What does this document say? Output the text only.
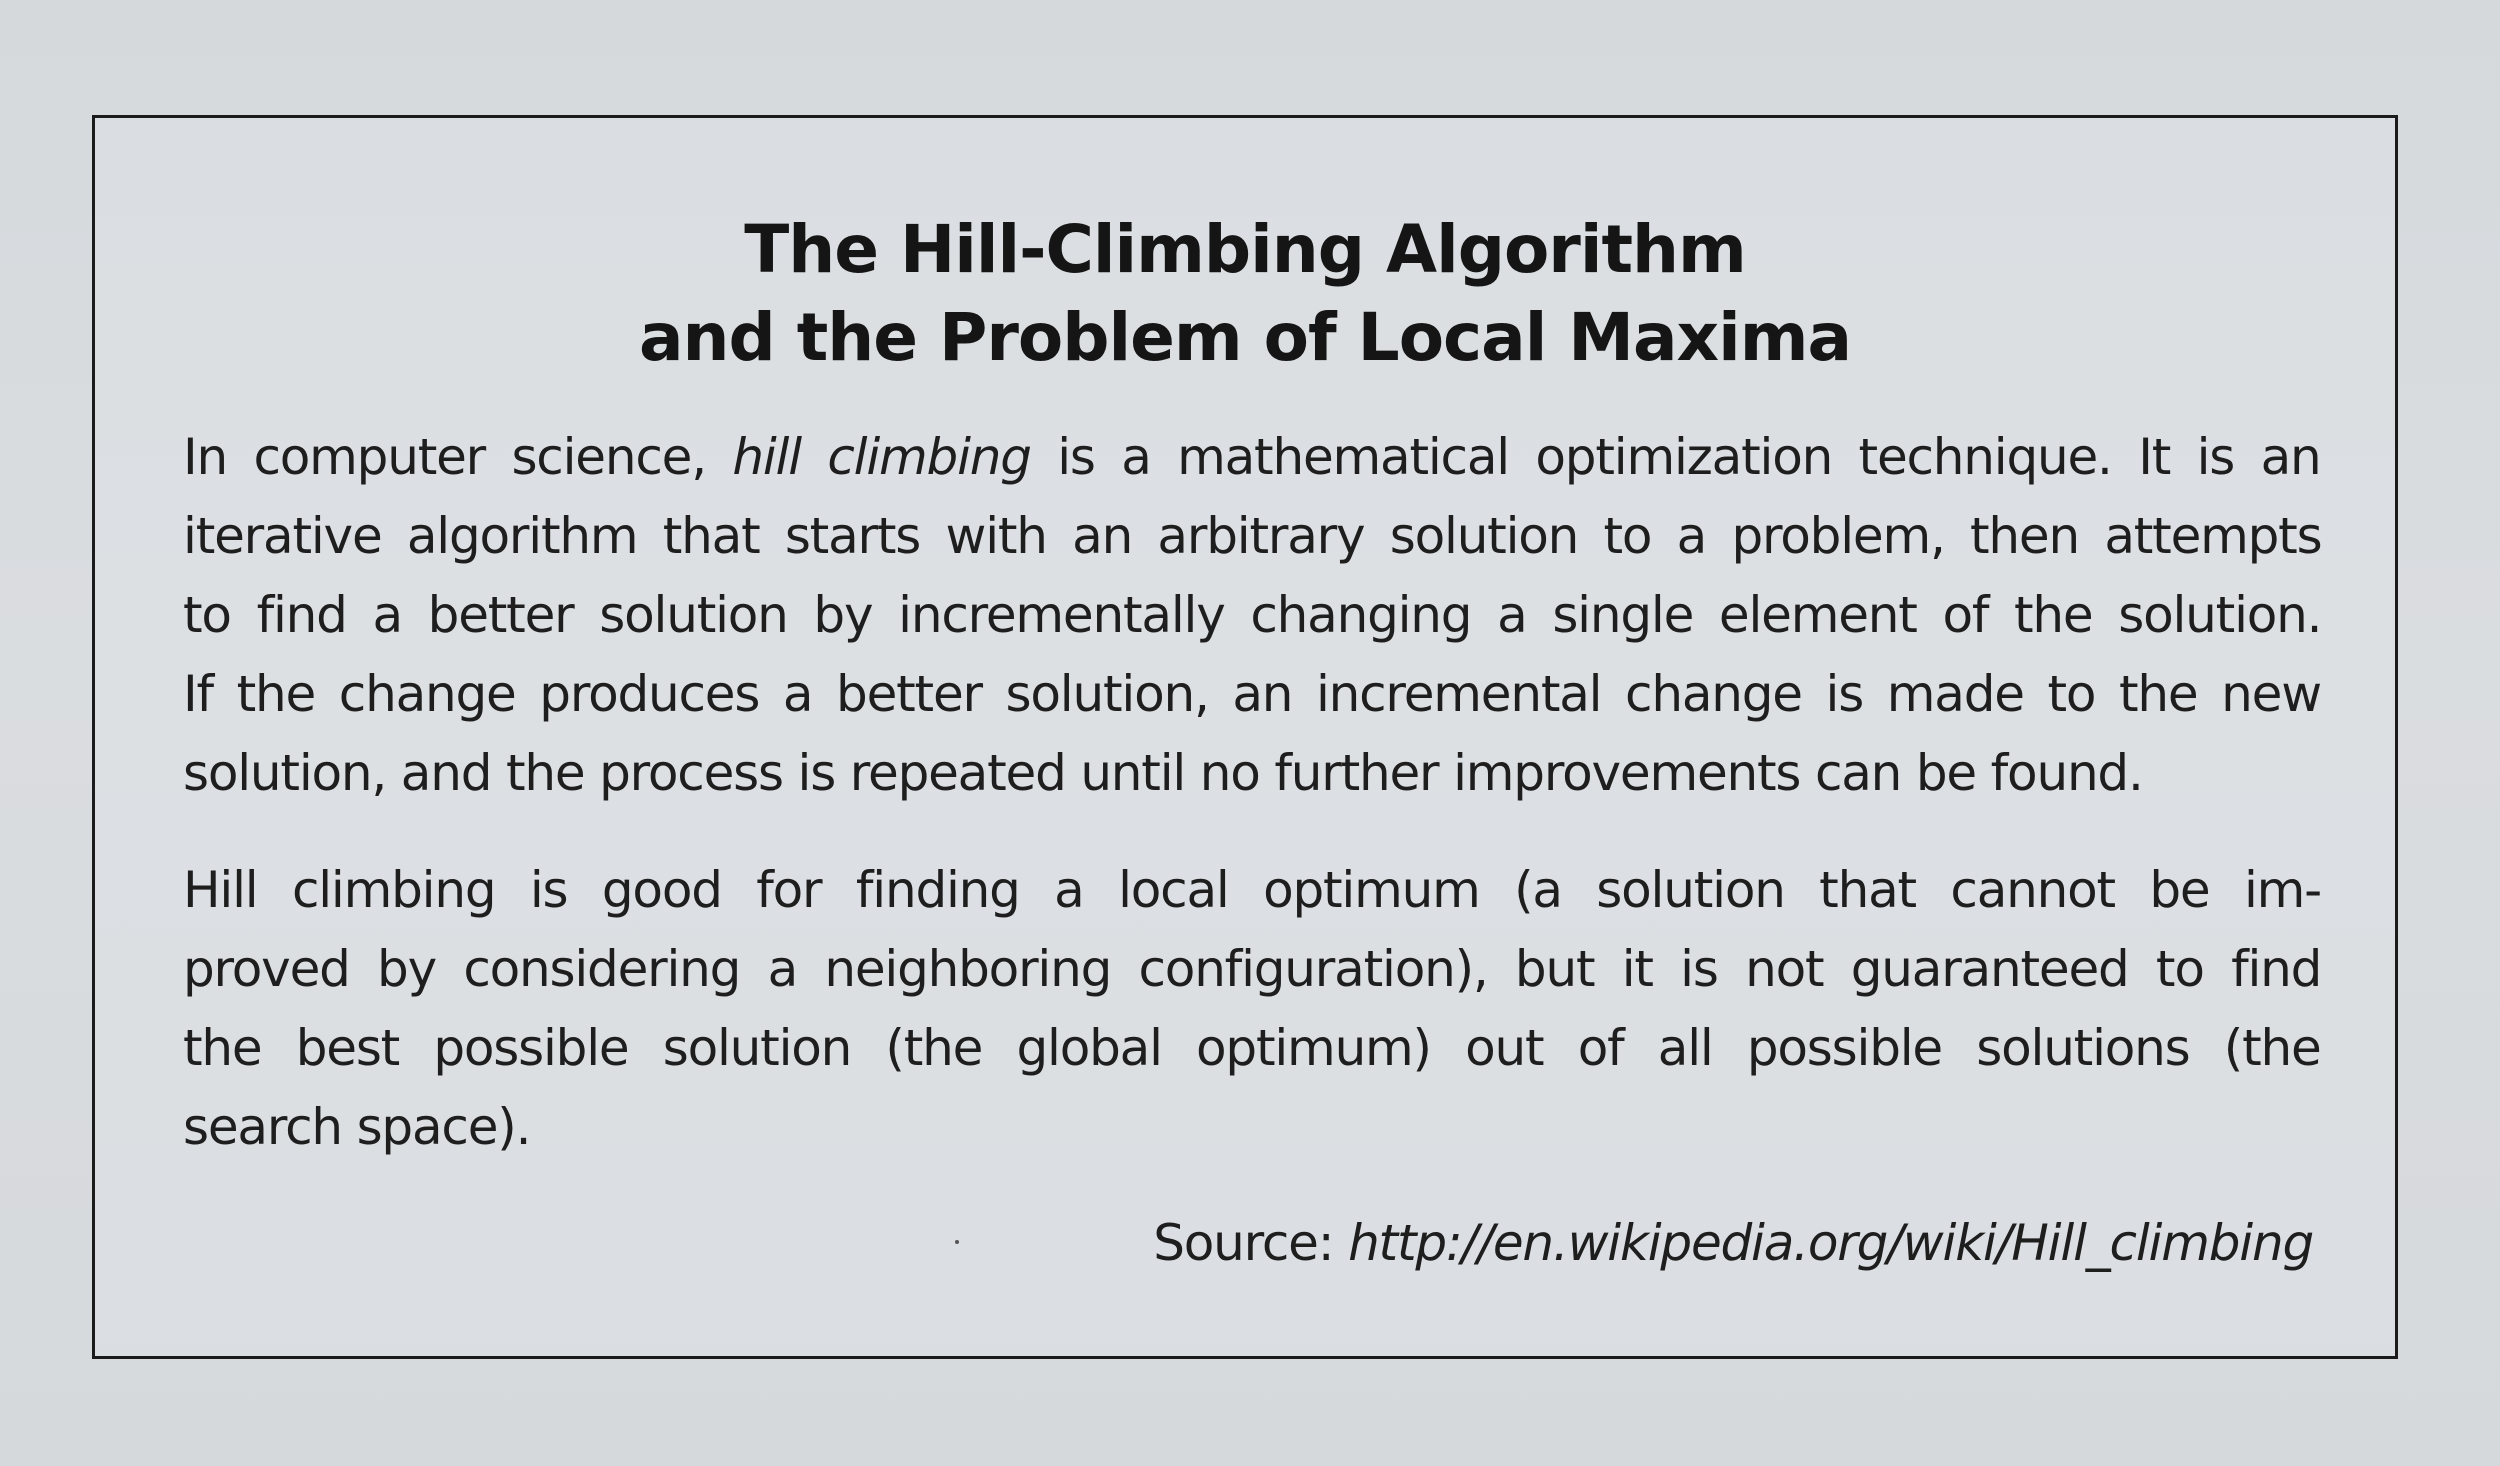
The Hill-Climbing Algorithm
and the Problem of Local Maxima
In computer science, hill climbing is a mathematical optimization technique. It is an
iterative algorithm that starts with an arbitrary solution to a problem, then attempts
to find a better solution by incrementally changing a single element of the solution.
If the change produces a better solution, an incremental change is made to the new
solution, and the process is repeated until no further improvements can be found.
Hill climbing is good for finding a local optimum (a solution that cannot be im-
proved by considering a neighboring configuration), but it is not guaranteed to find
the best possible solution (the global optimum) out of all possible solutions (the
search space).
Source: http://en.wikipedia.org/wiki/Hill_climbing
